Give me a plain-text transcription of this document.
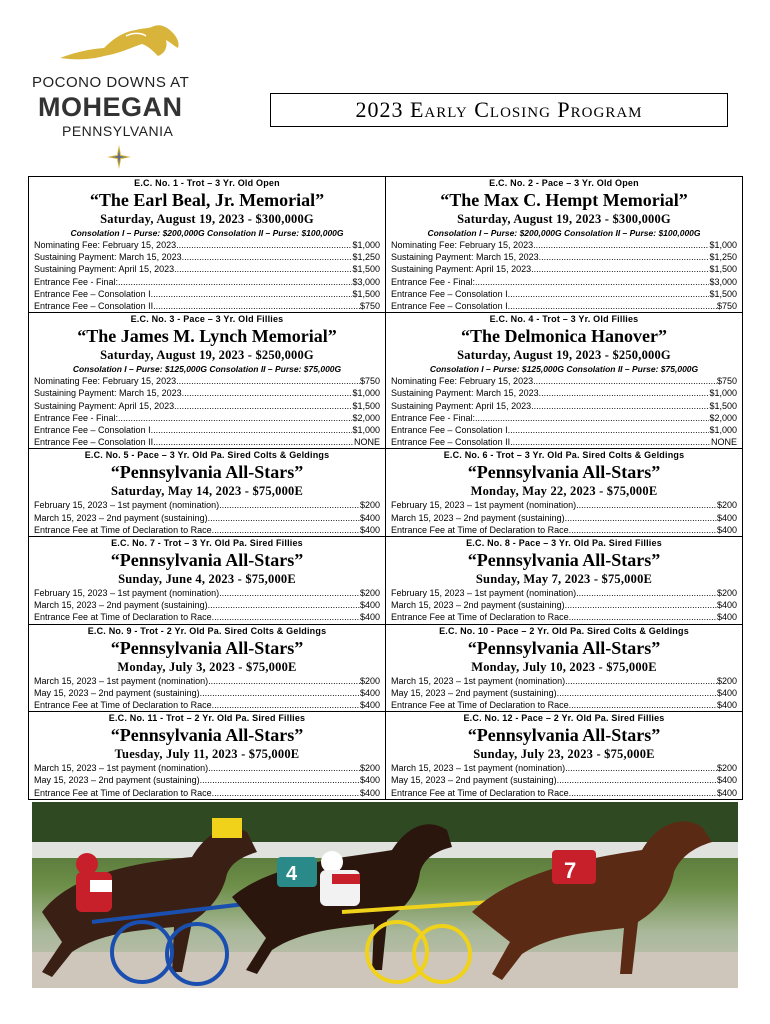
POCONO DOWNS AT
MOHEGAN
PENNSYLVANIA
2023 Early Closing Program
E.C. No. 1 - Trot – 3 Yr. Old Open
“The Earl Beal, Jr. Memorial”
Saturday, August 19, 2023 - $300,000G
Consolation I – Purse: $200,000G Consolation II – Purse: $100,000G
Nominating Fee: February 15, 2023 .....	$1,000
Sustaining Payment: March 15, 2023 .....	$1,250
Sustaining Payment: April 15, 2023 .....	$1,500
Entrance Fee - Final: .....	$3,000
Entrance Fee – Consolation I .....	$1,500
Entrance Fee – Consolation II .....	$750
E.C. No. 2 - Pace – 3 Yr. Old Open
“The Max C. Hempt Memorial”
Saturday, August 19, 2023 - $300,000G
Consolation I – Purse: $200,000G Consolation II – Purse: $100,000G
Nominating Fee: February 15, 2023 .....	$1,000
Sustaining Payment: March 15, 2023 .....	$1,250
Sustaining Payment: April 15, 2023 .....	$1,500
Entrance Fee - Final: .....	$3,000
Entrance Fee – Consolation I .....	$1,500
Entrance Fee – Consolation I .....	$750
E.C. No. 3 - Pace – 3 Yr. Old Fillies
“The James M. Lynch Memorial”
Saturday, August 19, 2023 - $250,000G
Consolation I – Purse: $125,000G Consolation II – Purse: $75,000G
Nominating Fee: February 15, 2023 .....	$750
Sustaining Payment: March 15, 2023 .....	$1,000
Sustaining Payment: April 15, 2023 .....	$1,500
Entrance Fee - Final: .....	$2,000
Entrance Fee – Consolation I .....	$1,000
Entrance Fee – Consolation II .....	NONE
E.C. No. 4 - Trot – 3 Yr. Old Fillies
“The Delmonica Hanover”
Saturday, August 19, 2023 - $250,000G
Consolation I – Purse: $125,000G Consolation II – Purse: $75,000G
Nominating Fee: February 15, 2023 .....	$750
Sustaining Payment: March 15, 2023 .....	$1,000
Sustaining Payment: April 15, 2023 .....	$1,500
Entrance Fee - Final: .....	$2,000
Entrance Fee – Consolation I .....	$1,000
Entrance Fee – Consolation II .....	NONE
E.C. No. 5 - Pace – 3 Yr. Old Pa. Sired Colts & Geldings
“Pennsylvania All-Stars”
Saturday, May 14, 2023 - $75,000E
February 15, 2023 – 1st payment (nomination) .....	$200
March 15, 2023 – 2nd payment (sustaining) .....	$400
Entrance Fee at Time of Declaration to Race .....	$400
E.C. No. 6 - Trot – 3 Yr. Old Pa. Sired Colts & Geldings
“Pennsylvania All-Stars”
Monday, May 22, 2023 - $75,000E
February 15, 2023 – 1st payment (nomination) .....	$200
March 15, 2023 – 2nd payment (sustaining) .....	$400
Entrance Fee at Time of Declaration to Race .....	$400
E.C. No. 7 - Trot – 3 Yr. Old Pa. Sired Fillies
“Pennsylvania All-Stars”
Sunday, June 4, 2023 - $75,000E
February 15, 2023 – 1st payment (nomination) .....	$200
March 15, 2023 – 2nd payment (sustaining) .....	$400
Entrance Fee at Time of Declaration to Race .....	$400
E.C. No. 8 - Pace – 3 Yr. Old Pa. Sired Fillies
“Pennsylvania All-Stars”
Sunday, May 7, 2023 - $75,000E
February 15, 2023 – 1st payment (nomination) .....	$200
March 15, 2023 – 2nd payment (sustaining) .....	$400
Entrance Fee at Time of Declaration to Race .....	$400
E.C. No. 9 - Trot - 2 Yr. Old Pa. Sired Colts & Geldings
“Pennsylvania All-Stars”
Monday, July 3, 2023 - $75,000E
March 15, 2023 – 1st payment (nomination) .....	$200
May 15, 2023 – 2nd payment (sustaining) .....	$400
Entrance Fee at Time of Declaration to Race .....	$400
E.C. No. 10 - Pace – 2 Yr. Old Pa. Sired Colts & Geldings
“Pennsylvania All-Stars”
Monday, July 10, 2023 - $75,000E
March 15, 2023 – 1st payment (nomination) .....	$200
May 15, 2023 – 2nd payment (sustaining) .....	$400
Entrance Fee at Time of Declaration to Race .....	$400
E.C. No. 11 - Trot – 2 Yr. Old Pa. Sired Fillies
“Pennsylvania All-Stars”
Tuesday, July 11, 2023 - $75,000E
March 15, 2023 – 1st payment (nomination) .....	$200
May 15, 2023 – 2nd payment (sustaining) .....	$400
Entrance Fee at Time of Declaration to Race .....	$400
E.C. No. 12 - Pace – 2 Yr. Old Pa. Sired Fillies
“Pennsylvania All-Stars”
Sunday, July 23, 2023 - $75,000E
March 15, 2023 – 1st payment (nomination) .....	$200
May 15, 2023 – 2nd payment (sustaining) .....	$400
Entrance Fee at Time of Declaration to Race .....	$400
4	7
